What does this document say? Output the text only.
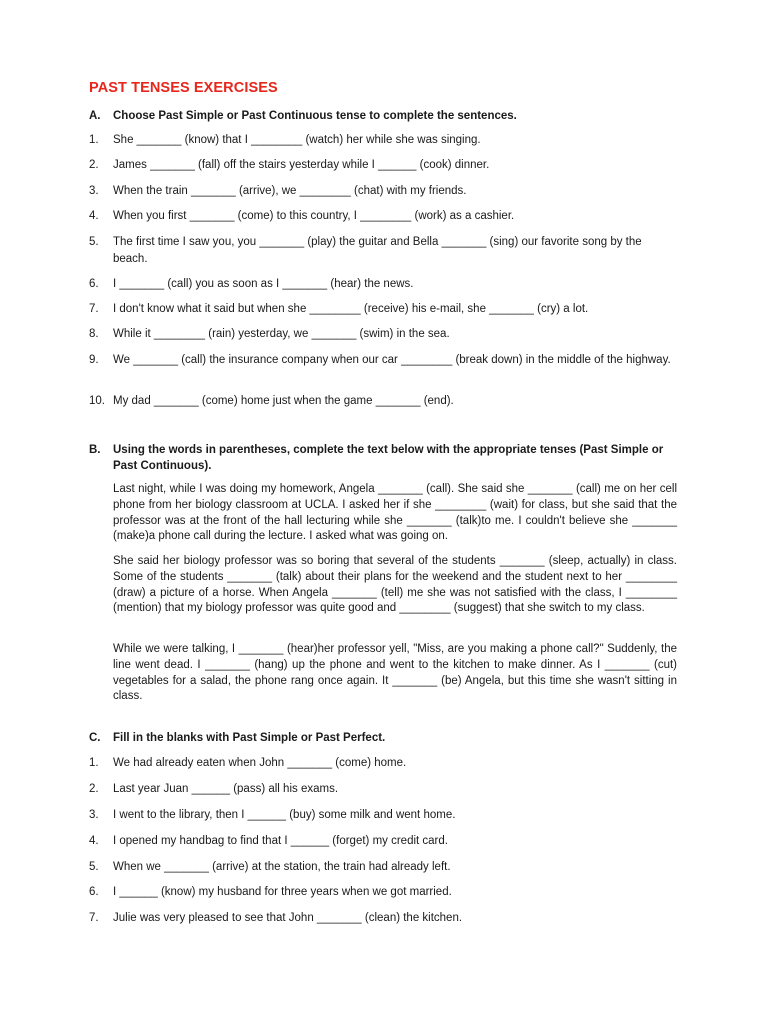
PAST TENSES EXERCISES
A. Choose Past Simple or Past Continuous tense to complete the sentences.
1.	She _______ (know) that I ________ (watch) her while she was singing.
2.	James _______ (fall) off the stairs yesterday while I ______ (cook) dinner.
3.	When the train _______ (arrive), we ________ (chat) with my friends.
4.	When you first _______ (come) to this country, I ________ (work) as a cashier.
5.	The first time I saw you, you _______ (play) the guitar and Bella _______ (sing) our favorite song by the beach.
6.	I _______ (call) you as soon as I _______ (hear) the news.
7.	I don't know what it said but when she ________ (receive) his e-mail, she _______ (cry) a lot.
8.	While it ________ (rain) yesterday, we _______ (swim) in the sea.
9.	We _______ (call) the insurance company when our car ________ (break down) in the middle of the highway.
10. My dad _______ (come) home just when the game _______ (end).
B. Using the words in parentheses, complete the text below with the appropriate tenses (Past Simple or Past Continuous).
Last night, while I was doing my homework, Angela _______ (call). She said she _______ (call) me on her cell phone from her biology classroom at UCLA. I asked her if she ________ (wait) for class, but she said that the professor was at the front of the hall lecturing while she _______ (talk)to me. I couldn't believe she _______ (make)a phone call during the lecture. I asked what was going on.
She said her biology professor was so boring that several of the students _______ (sleep, actually) in class. Some of the students _______ (talk) about their plans for the weekend and the student next to her ________ (draw) a picture of a horse. When Angela _______ (tell) me she was not satisfied with the class, I ________ (mention) that my biology professor was quite good and ________ (suggest) that she switch to my class.
While we were talking, I _______ (hear)her professor yell, "Miss, are you making a phone call?" Suddenly, the line went dead. I _______ (hang) up the phone and went to the kitchen to make dinner. As I _______ (cut) vegetables for a salad, the phone rang once again. It _______ (be) Angela, but this time she wasn't sitting in class.
C. Fill in the blanks with Past Simple or Past Perfect.
1.	We had already eaten when John _______ (come) home.
2.	Last year Juan ______ (pass) all his exams.
3.	I went to the library, then I ______ (buy) some milk and went home.
4.	I opened my handbag to find that I ______ (forget) my credit card.
5.	When we _______ (arrive) at the station, the train had already left.
6.	I ______ (know) my husband for three years when we got married.
7.	Julie was very pleased to see that John _______ (clean) the kitchen.
